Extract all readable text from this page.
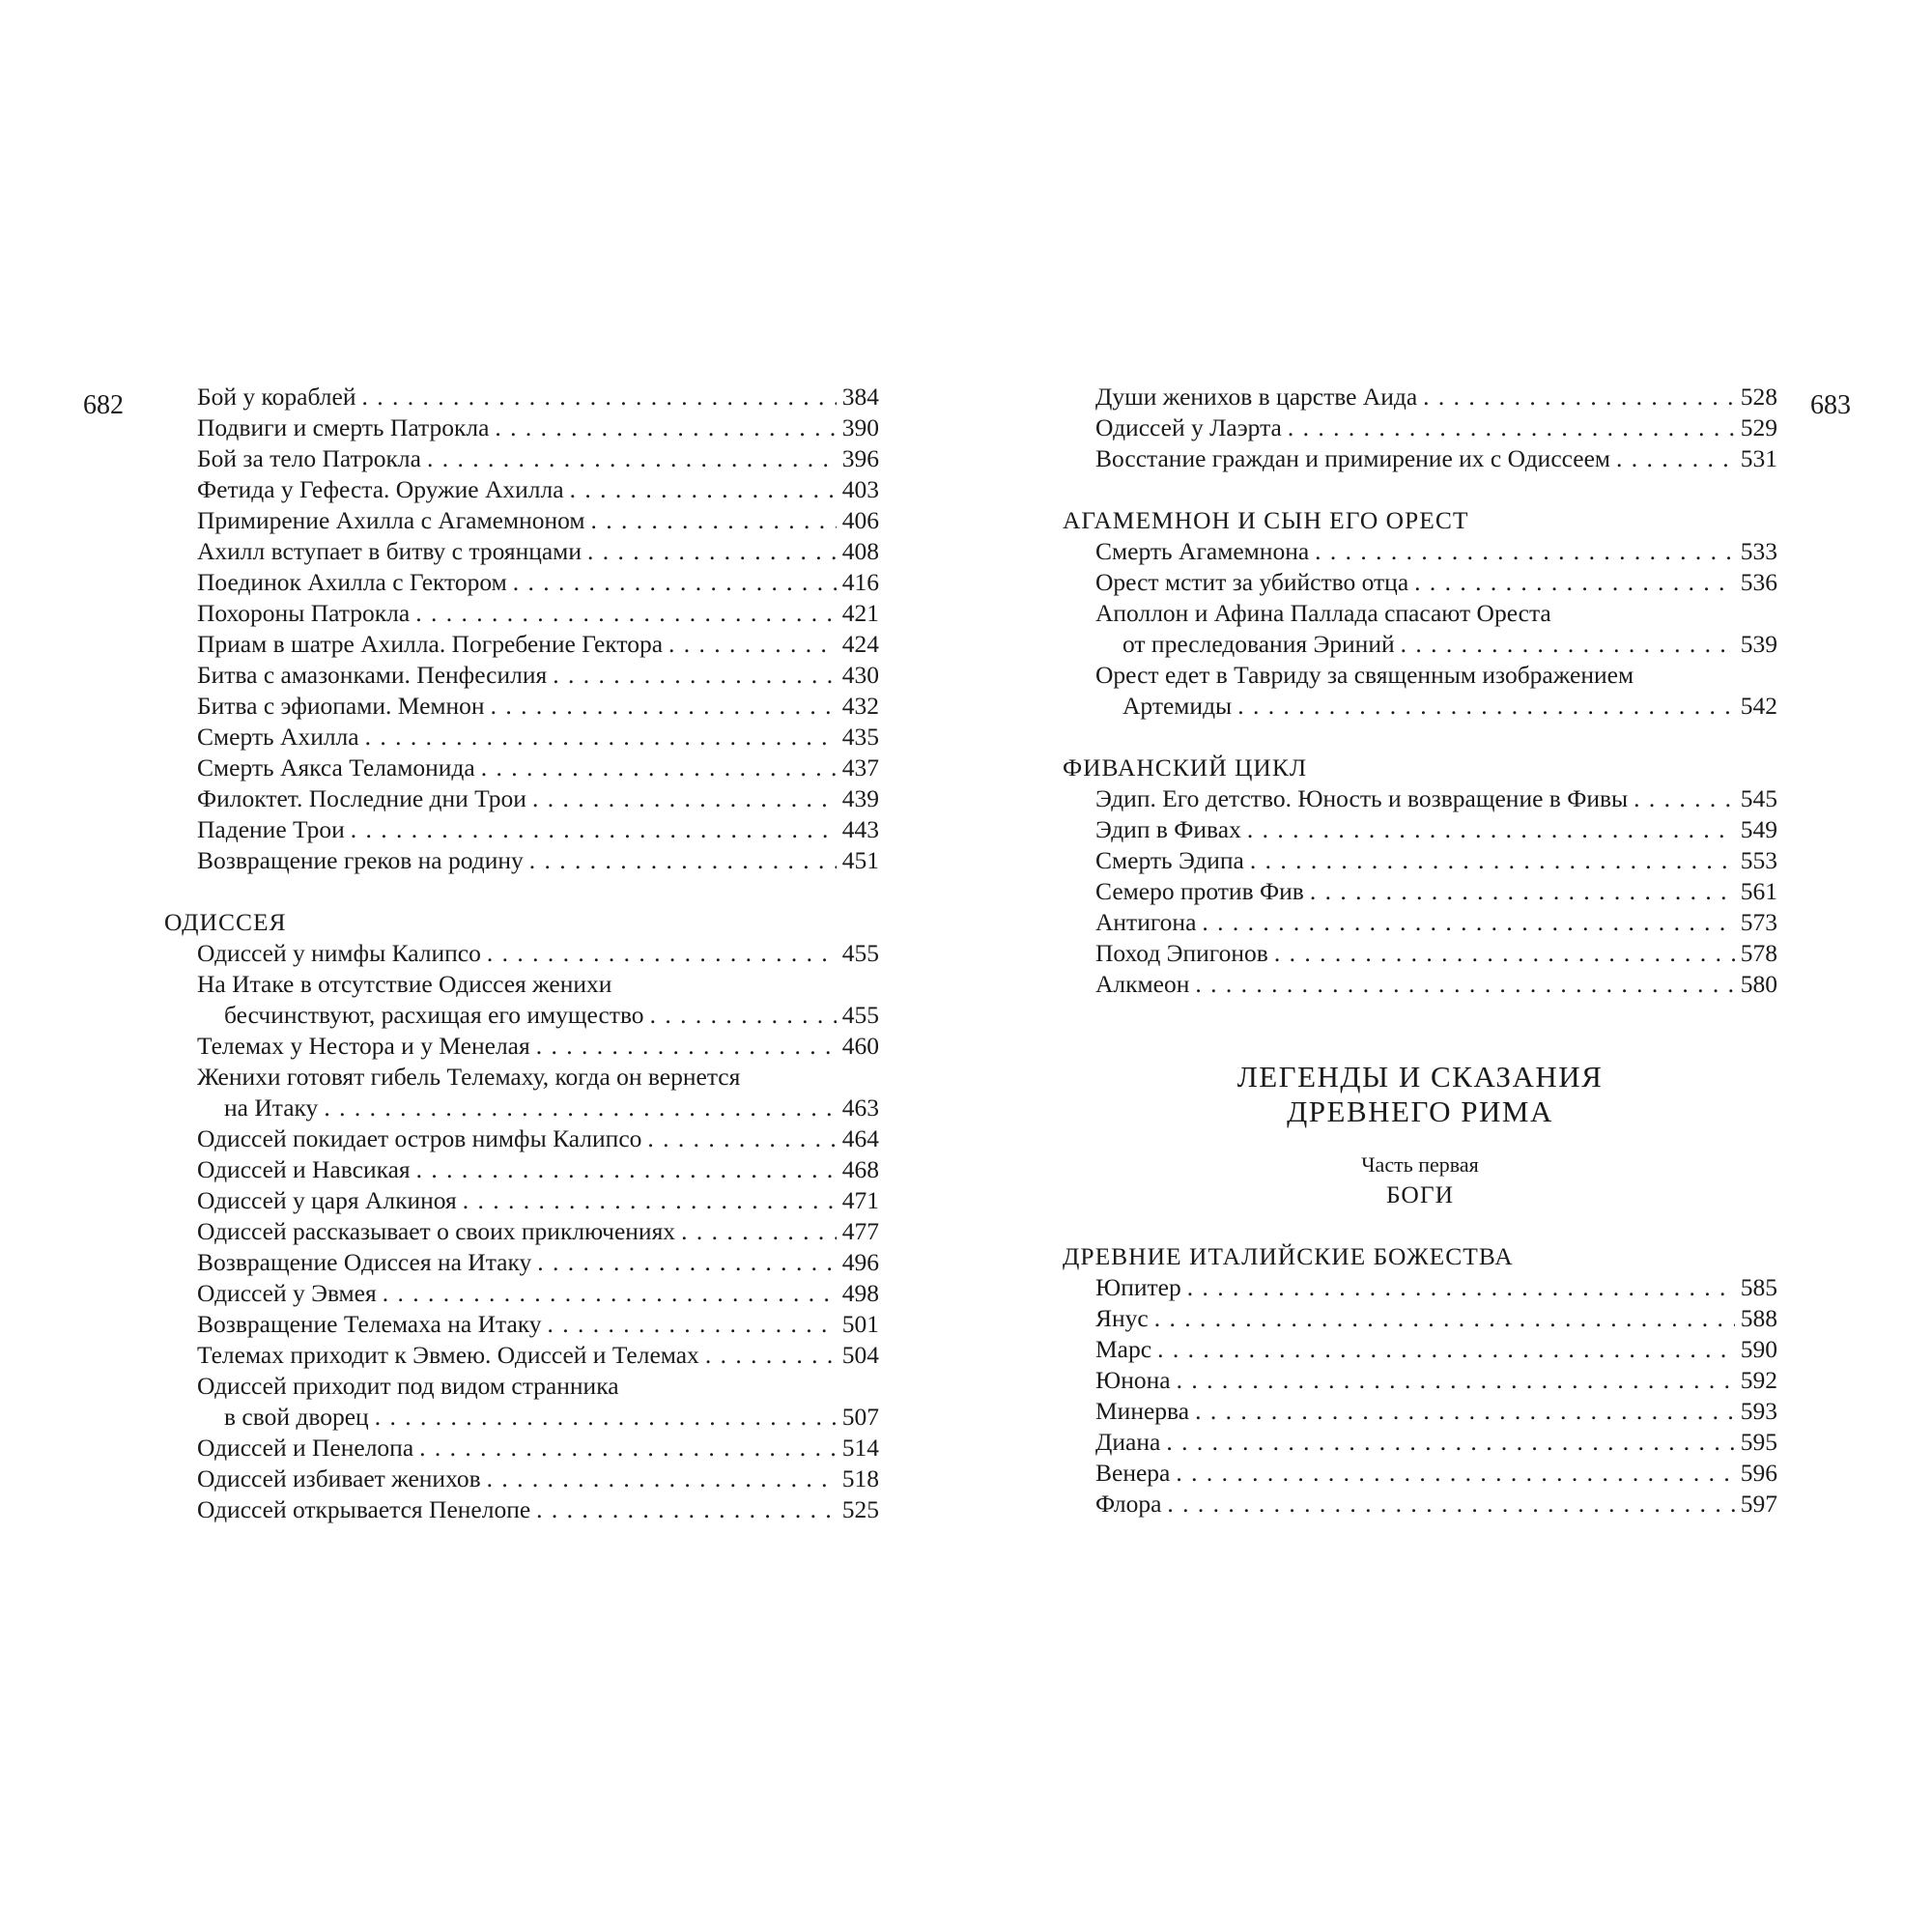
682	683
Бой у кораблей . . .	384
Подвиги и смерть Патрокла . . .	390
Бой за тело Патрокла . . .	396
Фетида у Гефеста. Оружие Ахилла . . .	403
Примирение Ахилла с Агамемноном . . .	406
Ахилл вступает в битву с троянцами . . .	408
Поединок Ахилла с Гектором . . .	416
Похороны Патрокла . . .	421
Приам в шатре Ахилла. Погребение Гектора . . .	424
Битва с амазонками. Пенфесилия . . .	430
Битва с эфиопами. Мемнон . . .	432
Смерть Ахилла . . .	435
Смерть Аякса Теламонида . . .	437
Филоктет. Последние дни Трои . . .	439
Падение Трои . . .	443
Возвращение греков на родину . . .	451
ОДИССЕЯ
Одиссей у нимфы Калипсо . . .	455
На Итаке в отсутствие Одиссея женихи
бесчинствуют, расхищая его имущество . . .	455
Телемах у Нестора и у Менелая . . .	460
Женихи готовят гибель Телемаху, когда он вернется
на Итаку . . .	463
Одиссей покидает остров нимфы Калипсо . . .	464
Одиссей и Навсикая . . .	468
Одиссей у царя Алкиноя . . .	471
Одиссей рассказывает о своих приключениях . . .	477
Возвращение Одиссея на Итаку . . .	496
Одиссей у Эвмея . . .	498
Возвращение Телемаха на Итаку . . .	501
Телемах приходит к Эвмею. Одиссей и Телемах . . .	504
Одиссей приходит под видом странника
в свой дворец . . .	507
Одиссей и Пенелопа . . .	514
Одиссей избивает женихов . . .	518
Одиссей открывается Пенелопе . . .	525
Души женихов в царстве Аида . . .	528
Одиссей у Лаэрта . . .	529
Восстание граждан и примирение их с Одиссеем . . .	531
АГАМЕМНОН И СЫН ЕГО ОРЕСТ
Смерть Агамемнона . . .	533
Орест мстит за убийство отца . . .	536
Аполлон и Афина Паллада спасают Ореста
от преследования Эриний . . .	539
Орест едет в Тавриду за священным изображением
Артемиды . . .	542
ФИВАНСКИЙ ЦИКЛ
Эдип. Его детство. Юность и возвращение в Фивы . . .	545
Эдип в Фивах . . .	549
Смерть Эдипа . . .	553
Семеро против Фив . . .	561
Антигона . . .	573
Поход Эпигонов . . .	578
Алкмеон . . .	580
ЛЕГЕНДЫ И СКАЗАНИЯ
ДРЕВНЕГО РИМА
Часть первая
БОГИ
ДРЕВНИЕ ИТАЛИЙСКИЕ БОЖЕСТВА
Юпитер . . .	585
Янус . . .	588
Марс . . .	590
Юнона . . .	592
Минерва . . .	593
Диана . . .	595
Венера . . .	596
Флора . . .	597
